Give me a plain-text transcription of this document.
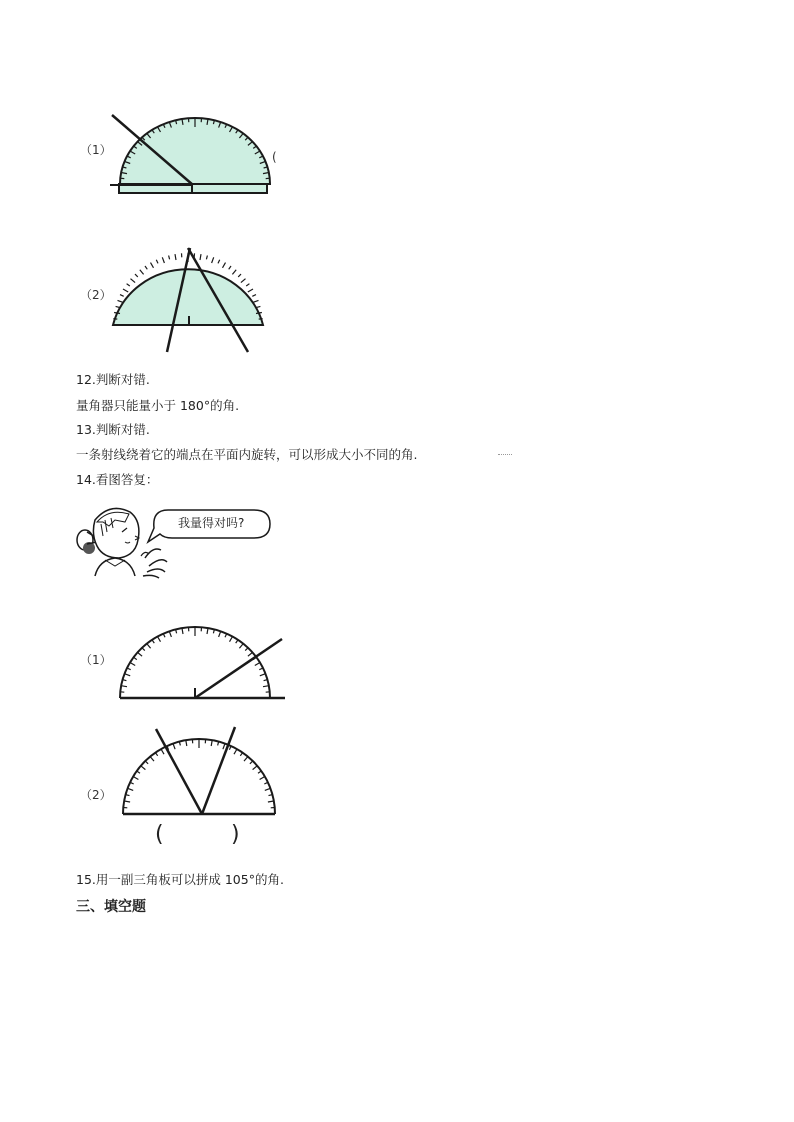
（1）	(
（2）
12.判断对错.
量角器只能量小于 180°的角.
13.判断对错.
一条射线绕着它的端点在平面内旋转，可以形成大小不同的角.
14.看图答复：
我量得对吗?
（1）
（2）
(	)
15.用一副三角板可以拼成 105°的角.
三、填空题
